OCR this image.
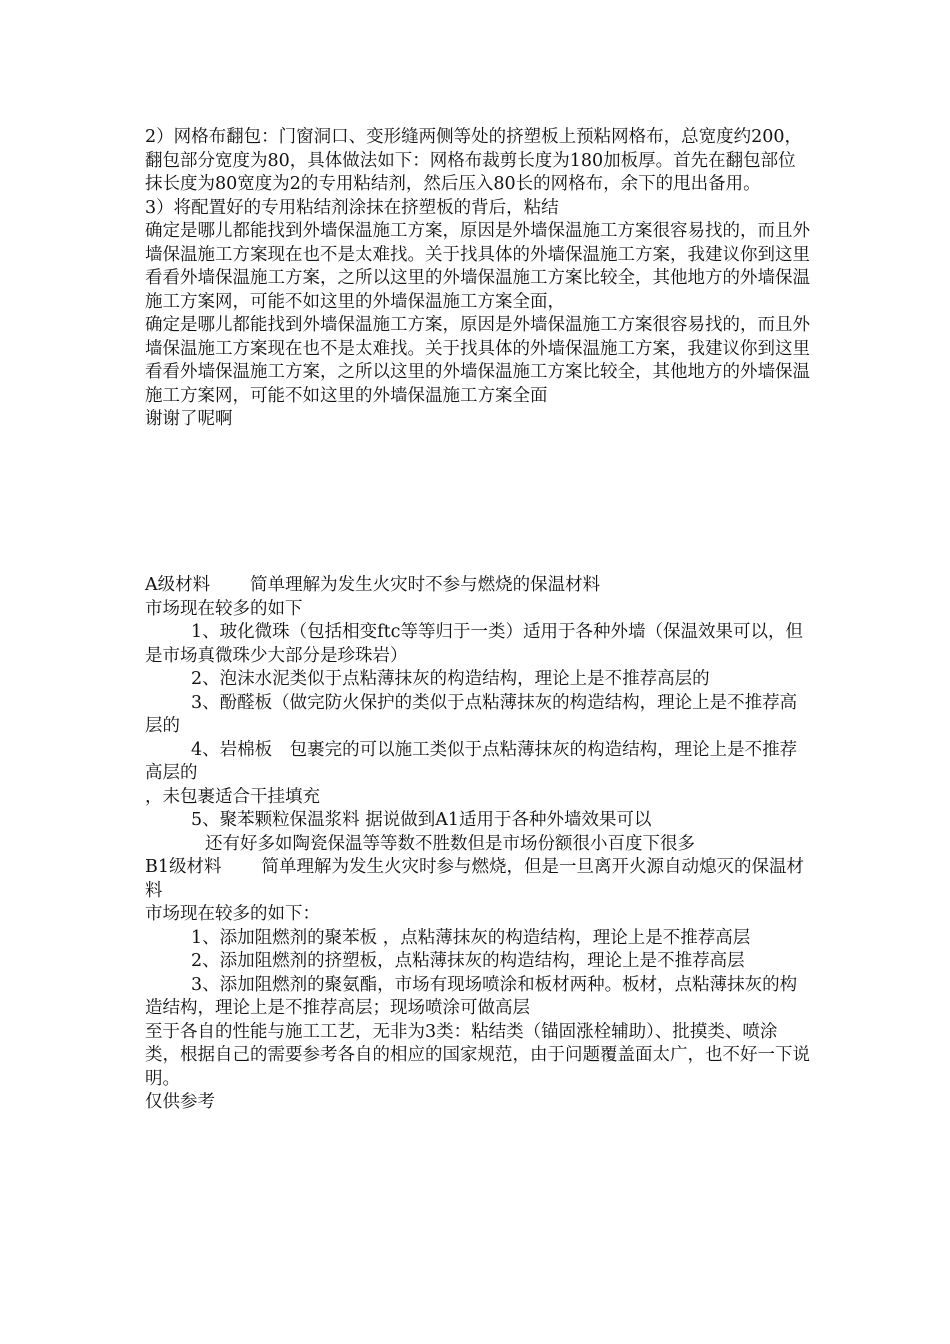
2）网格布翻包：门窗洞口、变形缝两侧等处的挤塑板上预粘网格布，总宽度约200，翻包部分宽度为80，具体做法如下：网格布裁剪长度为180加板厚。首先在翻包部位抹长度为80宽度为2的专用粘结剂，然后压入80长的网格布，余下的甩出备用。

3）将配置好的专用粘结剂涂抹在挤塑板的背后，粘结

确定是哪儿都能找到外墙保温施工方案，原因是外墙保温施工方案很容易找的，而且外墙保温施工方案现在也不是太难找。关于找具体的外墙保温施工方案，我建议你到这里看看外墙保温施工方案，之所以这里的外墙保温施工方案比较全，其他地方的外墙保温施工方案网，可能不如这里的外墙保温施工方案全面，

确定是哪儿都能找到外墙保温施工方案，原因是外墙保温施工方案很容易找的，而且外墙保温施工方案现在也不是太难找。关于找具体的外墙保温施工方案，我建议你到这里看看外墙保温施工方案，之所以这里的外墙保温施工方案比较全，其他地方的外墙保温施工方案网，可能不如这里的外墙保温施工方案全面

谢谢了呢啊

A级材料 简单理解为发生火灾时不参与燃烧的保温材料

市场现在较多的如下

1、玻化微珠（包括相变ftc等等归于一类）适用于各种外墙（保温效果可以，但是市场真微珠少大部分是珍珠岩）

2、泡沫水泥类似于点粘薄抹灰的构造结构，理论上是不推荐高层的

3、酚醛板（做完防火保护的类似于点粘薄抹灰的构造结构，理论上是不推荐高层的

4、岩棉板　包裹完的可以施工类似于点粘薄抹灰的构造结构，理论上是不推荐高层的

，未包裹适合干挂填充

5、聚苯颗粒保温浆料 据说做到A1适用于各种外墙效果可以

还有好多如陶瓷保温等等数不胜数但是市场份额很小百度下很多

B1级材料 简单理解为发生火灾时参与燃烧，但是一旦离开火源自动熄灭的保温材料

市场现在较多的如下：

1、添加阻燃剂的聚苯板 ，点粘薄抹灰的构造结构，理论上是不推荐高层

2、添加阻燃剂的挤塑板，点粘薄抹灰的构造结构，理论上是不推荐高层

3、添加阻燃剂的聚氨酯，市场有现场喷涂和板材两种。板材，点粘薄抹灰的构造结构，理论上是不推荐高层；现场喷涂可做高层

至于各自的性能与施工工艺，无非为3类：粘结类（锚固涨栓辅助）、批摸类、喷涂类，根据自己的需要参考各自的相应的国家规范，由于问题覆盖面太广，也不好一下说明。

仅供参考
